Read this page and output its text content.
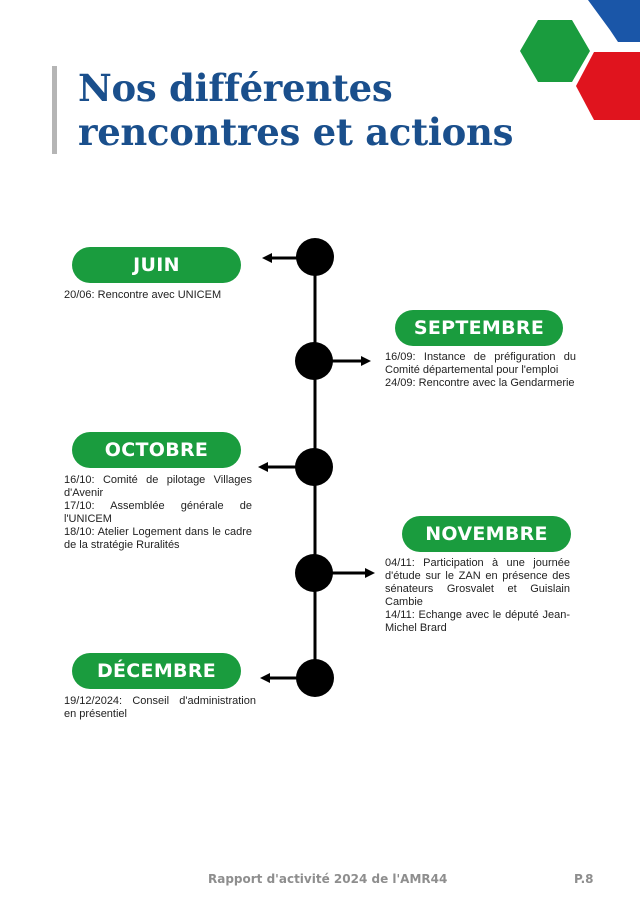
Nos différentes
rencontres et actions
JUIN

20/06: Rencontre avec UNICEM

SEPTEMBRE

16/09: Instance de préfiguration du Comité départemental pour l'emploi

24/09: Rencontre avec la Gendarmerie

OCTOBRE

16/10: Comité de pilotage Villages d'Avenir

17/10: Assemblée générale de l'UNICEM

18/10: Atelier Logement dans le cadre de la stratégie Ruralités	NOVEMBRE

04/11: Participation à une journée d'étude sur le ZAN en présence des sénateurs Grosvalet et Guislain Cambie

14/11: Echange avec le député Jean-Michel Brard

DÉCEMBRE

19/12/2024: Conseil d'administration en présentiel

Rapport d'activité 2024 de l'AMR44	P.8
